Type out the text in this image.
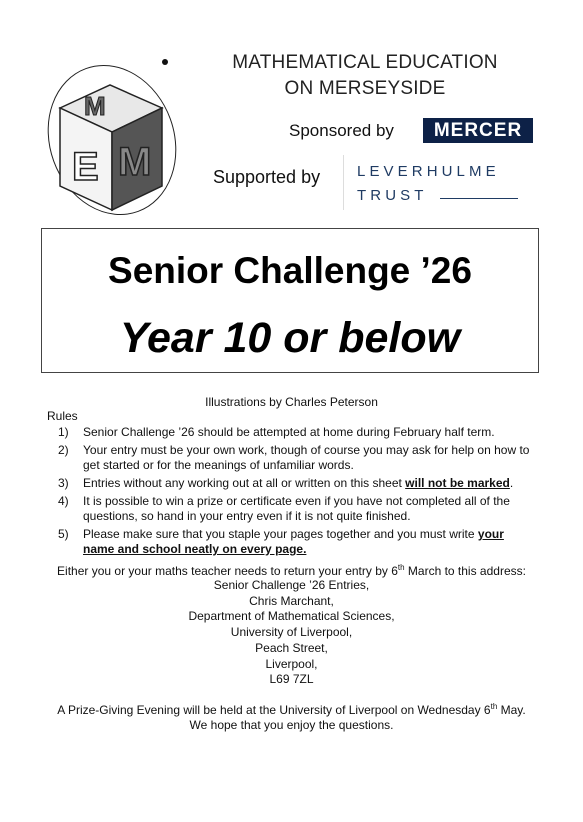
M
E M
MATHEMATICAL EDUCATION
ON MERSEYSIDE
Sponsored by	MERCER
Supported by LEVERHULME
TRUST
Senior Challenge ’26
Year 10 or below
Illustrations by Charles Peterson
Rules
1) Senior Challenge ’26 should be attempted at home during February half term.
2) Your entry must be your own work, though of course you may ask for help on how to get started or for the meanings of unfamiliar words.
3) Entries without any working out at all or written on this sheet will not be marked.
4) It is possible to win a prize or certificate even if you have not completed all of the questions, so hand in your entry even if it is not quite finished.
5) Please make sure that you staple your pages together and you must write your name and school neatly on every page.
Either you or your maths teacher needs to return your entry by 6th March to this address:
Senior Challenge ’26 Entries,
Chris Marchant,
Department of Mathematical Sciences,
University of Liverpool,
Peach Street,
Liverpool,
L69 7ZL
A Prize-Giving Evening will be held at the University of Liverpool on Wednesday 6th May.
We hope that you enjoy the questions.
